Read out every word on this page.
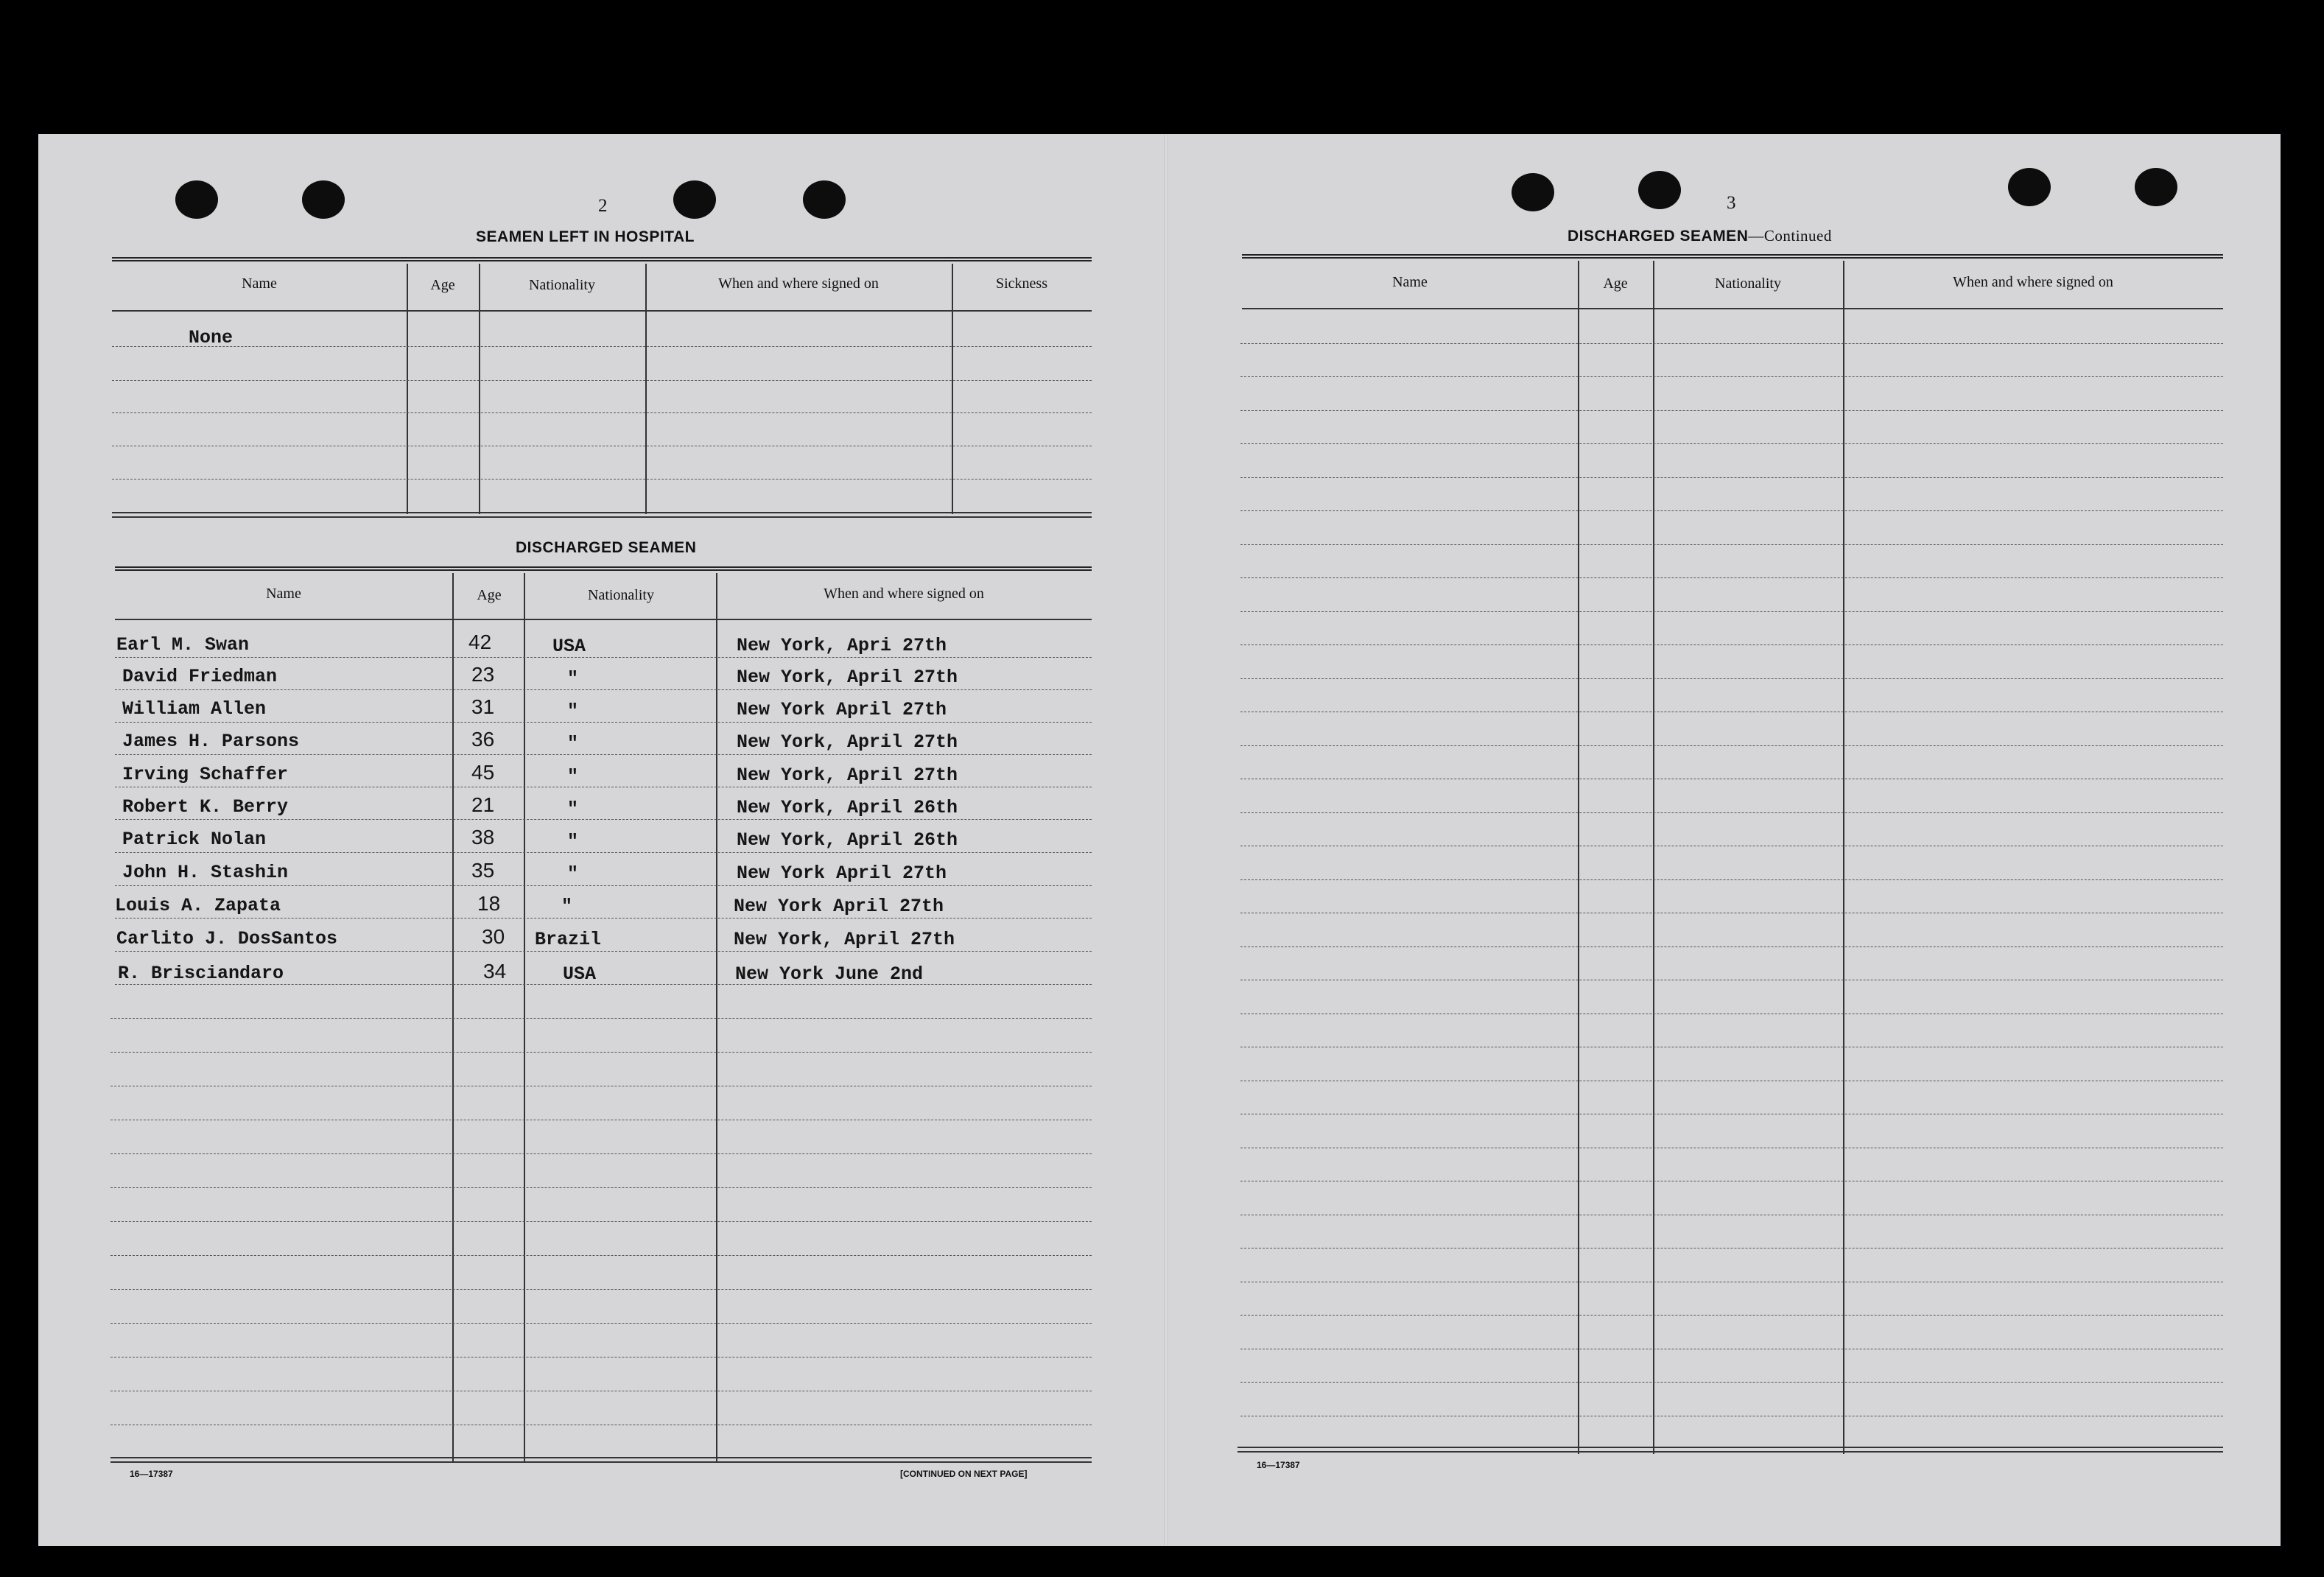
2
SEAMEN LEFT IN HOSPITAL
Name	Age	Nationality	When and where signed on	Sickness
None
DISCHARGED SEAMEN
Name	Age	Nationality	When and where signed on
Earl M. Swan	42	USA	New York, Apri 27th
David Friedman	23	"	New York, April 27th
William Allen	31	"	New York April 27th
James H. Parsons	36	"	New York, April 27th
Irving Schaffer	45	"	New York, April 27th
Robert K. Berry	21	"	New York, April 26th
Patrick Nolan	38	"	New York, April 26th
John H. Stashin	35	"	New York April 27th
Louis A. Zapata	18	"	New York April 27th
Carlito J. DosSantos	30 Brazil	New York, April 27th
R. Brisciandaro	34	USA	New York June 2nd
16—17387	[CONTINUED ON NEXT PAGE]
3
DISCHARGED SEAMEN—Continued
Name	Age	Nationality	When and where signed on
16—17387
